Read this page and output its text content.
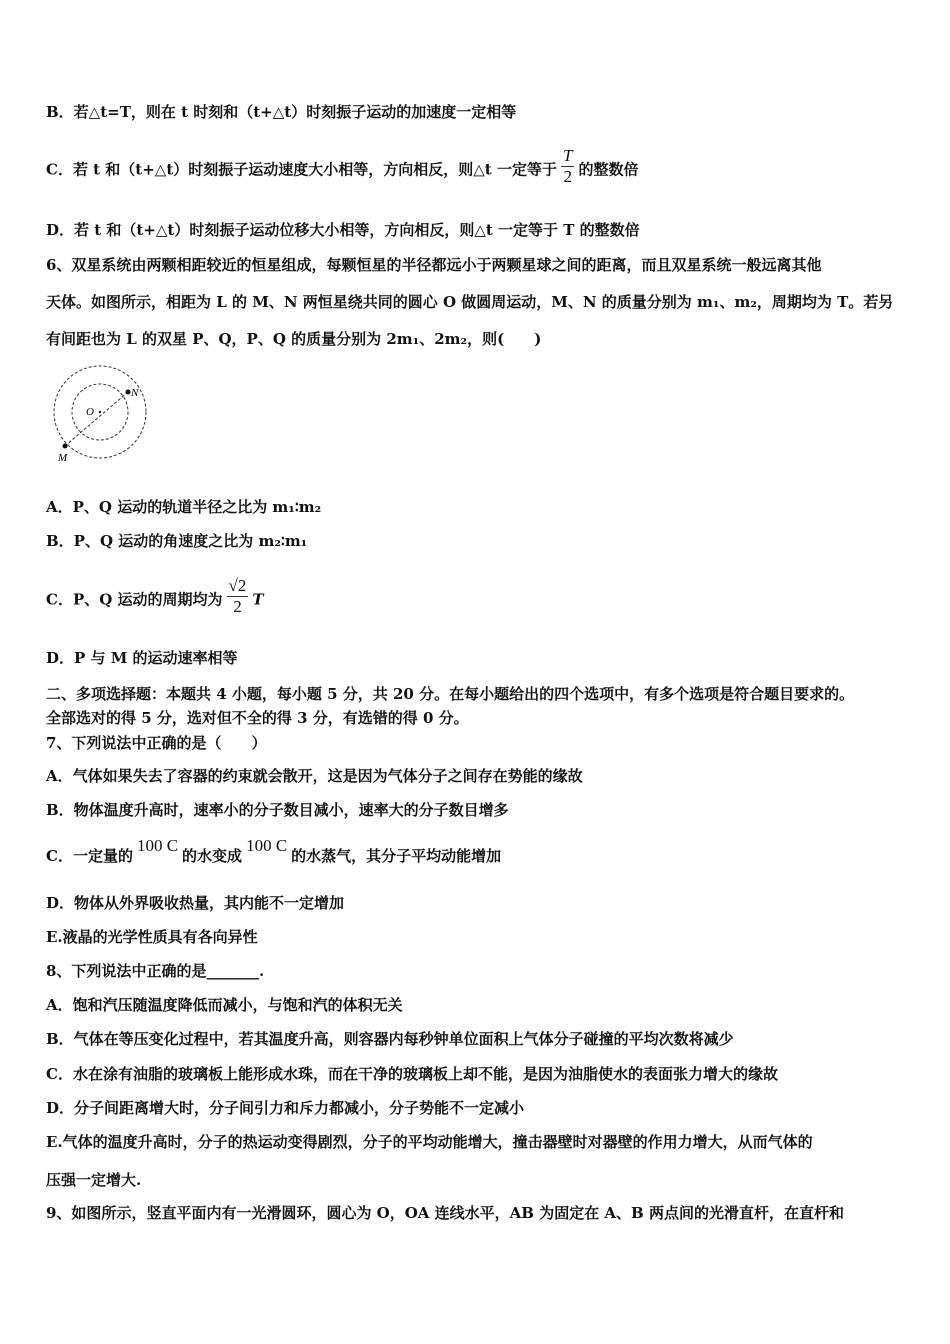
B．若△t=T，则在 t 时刻和（t+△t）时刻振子运动的加速度一定相等
C．若 t 和（t+△t）时刻振子运动速度大小相等，方向相反，则△t 一定等于 $\frac{T}{2}$ 的整数倍
D．若 t 和（t+△t）时刻振子运动位移大小相等，方向相反，则△t 一定等于 T 的整数倍
6、双星系统由两颗相距较近的恒星组成，每颗恒星的半径都远小于两颗星球之间的距离，而且双星系统一般远离其他
天体。如图所示，相距为 L 的 M、N 两恒星绕共同的圆心 O 做圆周运动，M、N 的质量分别为 m₁、m₂，周期均为 T。若另
有间距也为 L 的双星 P、Q，P、Q 的质量分别为 2m₁、2m₂，则(　　)
O
N
M
A．P、Q 运动的轨道半径之比为 m₁∶m₂
B．P、Q 运动的角速度之比为 m₂∶m₁
C．P、Q 运动的周期均为 $\frac{√2}{2}$ T
D．P 与 M 的运动速率相等
二、多项选择题：本题共 4 小题，每小题 5 分，共 20 分。在每小题给出的四个选项中，有多个选项是符合题目要求的。
全部选对的得 5 分，选对但不全的得 3 分，有选错的得 0 分。
7、下列说法中正确的是（　　）
A．气体如果失去了容器的约束就会散开，这是因为气体分子之间存在势能的缘故
B．物体温度升高时，速率小的分子数目减小，速率大的分子数目增多
C．一定量的100 C的水变成100 C的水蒸气，其分子平均动能增加
D．物体从外界吸收热量，其内能不一定增加
E.液晶的光学性质具有各向异性
8、下列说法中正确的是_______.
A．饱和汽压随温度降低而减小，与饱和汽的体积无关
B．气体在等压变化过程中，若其温度升高，则容器内每秒钟单位面积上气体分子碰撞的平均次数将减少
C．水在涂有油脂的玻璃板上能形成水珠，而在干净的玻璃板上却不能，是因为油脂使水的表面张力增大的缘故
D．分子间距离增大时，分子间引力和斥力都减小，分子势能不一定减小
E.气体的温度升高时，分子的热运动变得剧烈，分子的平均动能增大，撞击器壁时对器壁的作用力增大，从而气体的
压强一定增大.
9、如图所示，竖直平面内有一光滑圆环，圆心为 O，OA 连线水平，AB 为固定在 A、B 两点间的光滑直杆，在直杆和
